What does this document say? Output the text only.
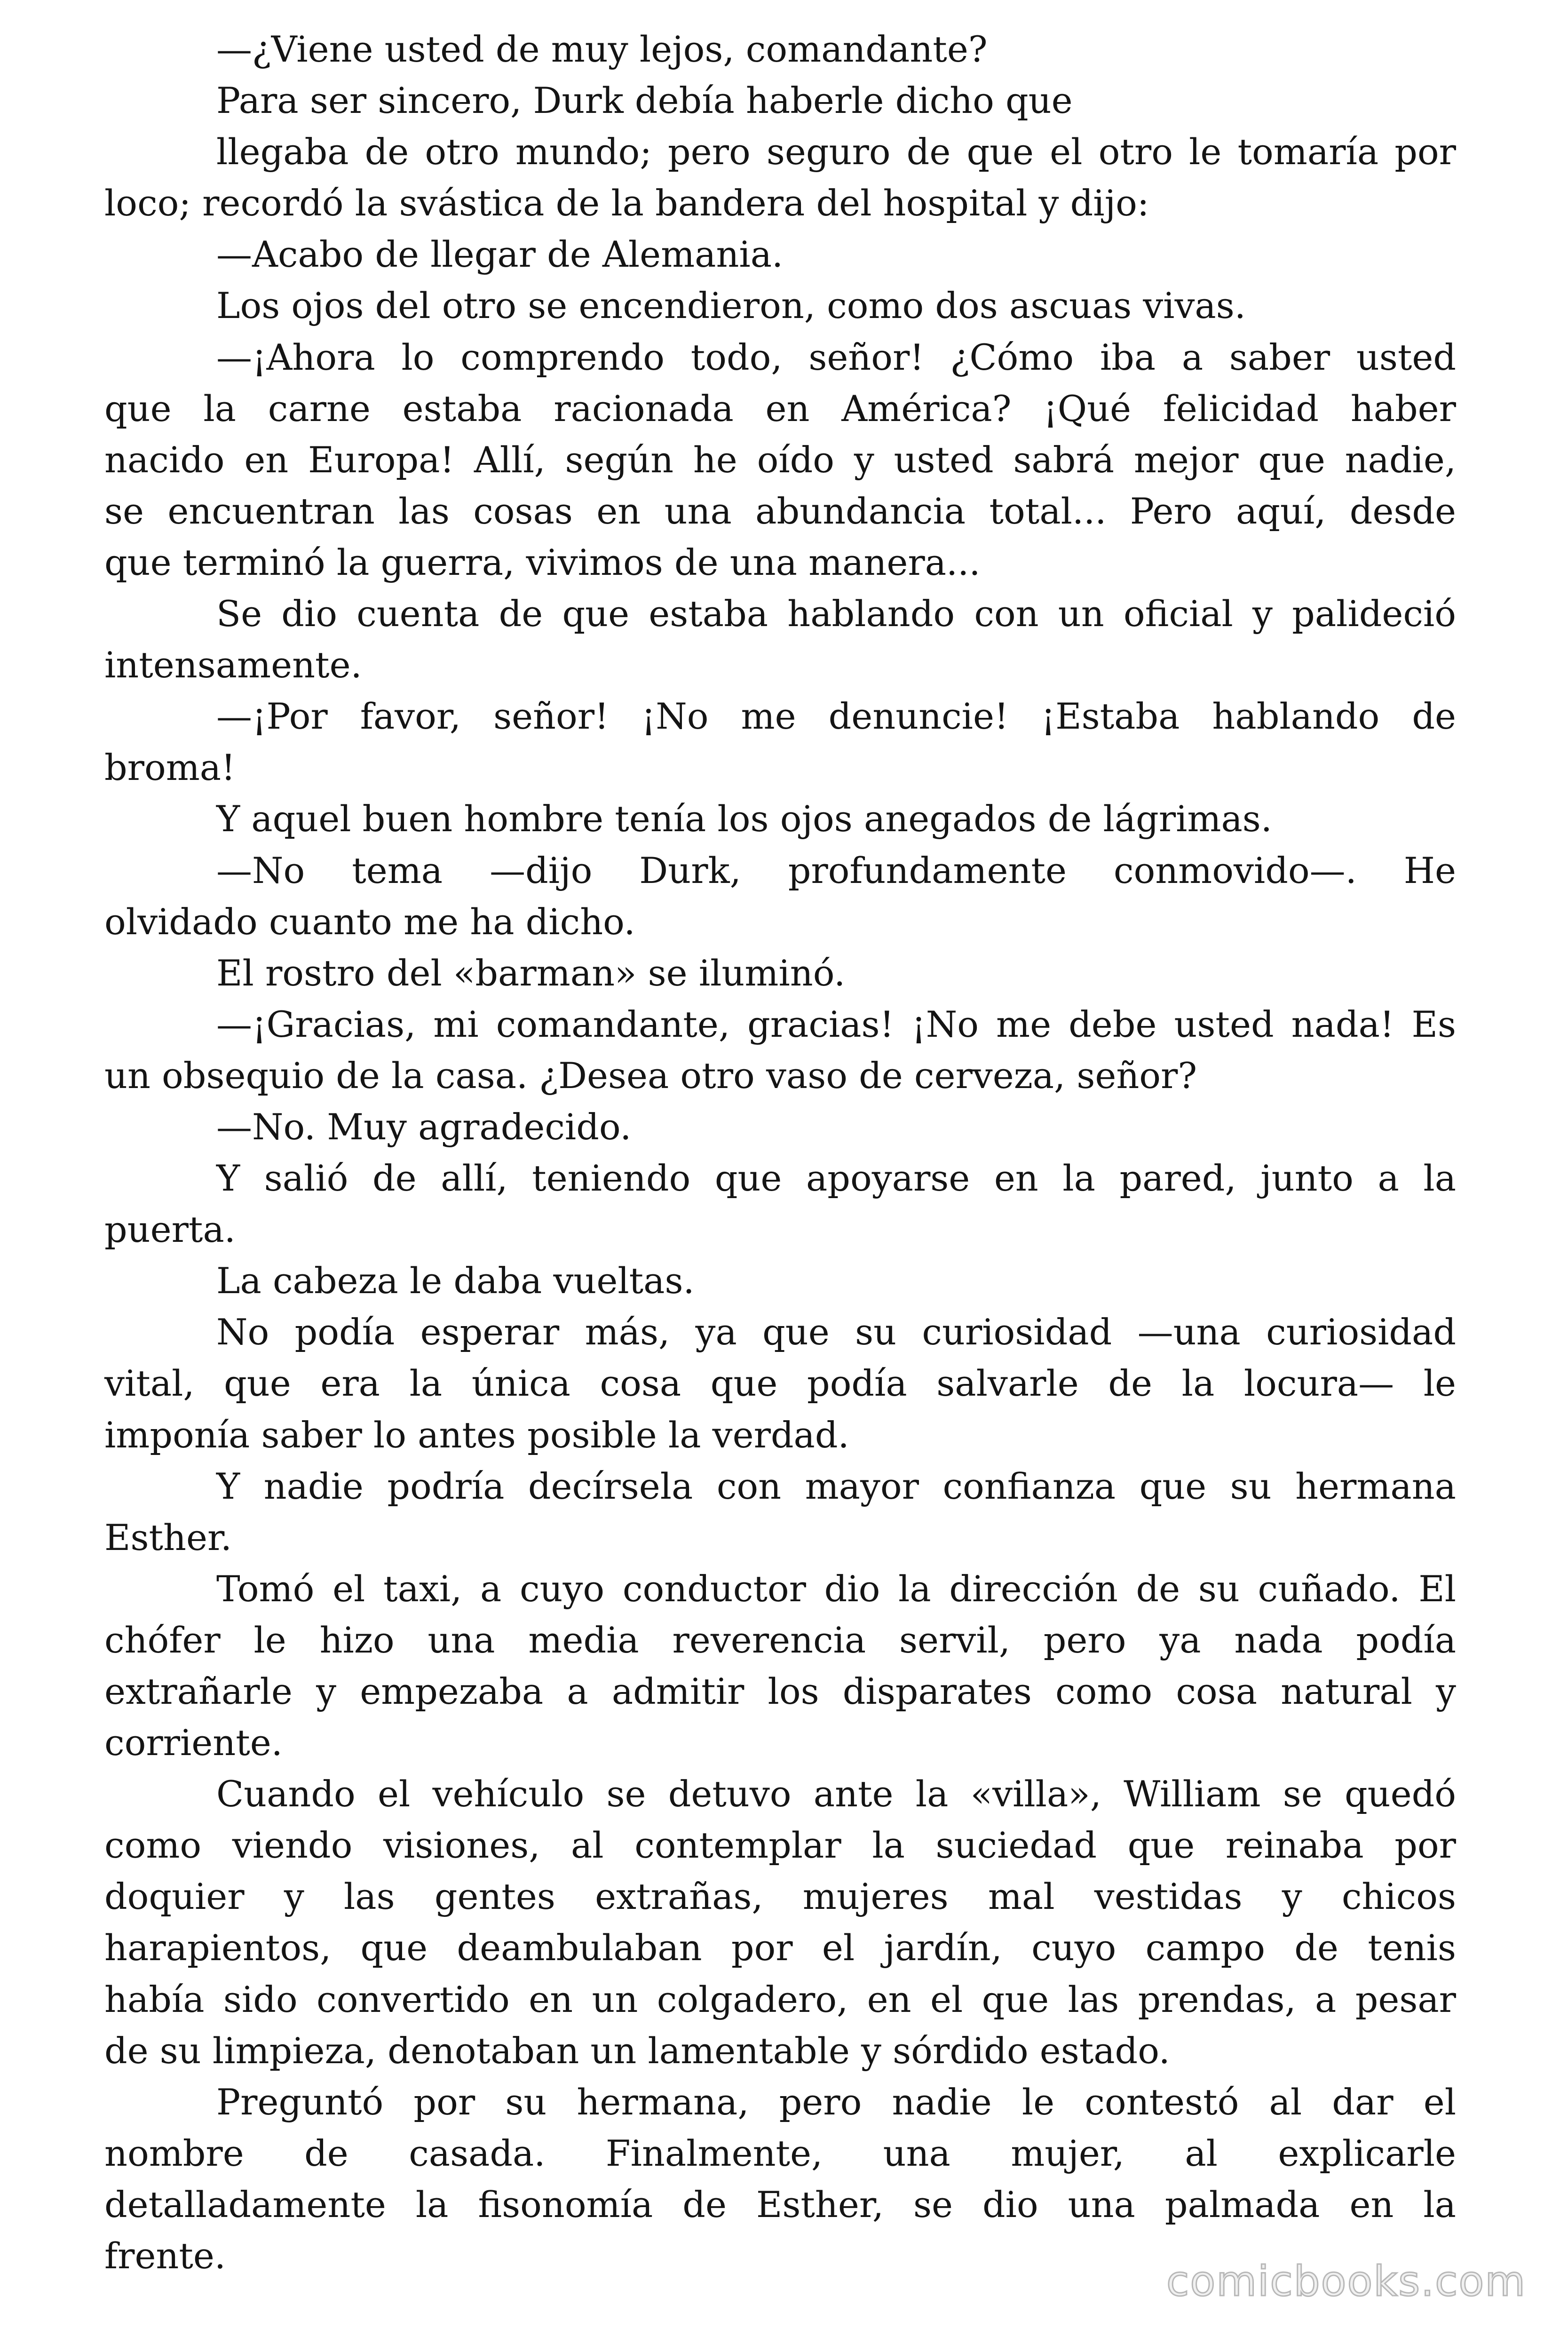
—¿Viene usted de muy lejos, comandante?
Para ser sincero, Durk debía haberle dicho que
llegaba de otro mundo; pero seguro de que el otro le tomaría por
loco; recordó la svástica de la bandera del hospital y dijo:
—Acabo de llegar de Alemania.
Los ojos del otro se encendieron, como dos ascuas vivas.
—¡Ahora lo comprendo todo, señor! ¿Cómo iba a saber usted
que la carne estaba racionada en América? ¡Qué felicidad haber
nacido en Europa! Allí, según he oído y usted sabrá mejor que nadie,
se encuentran las cosas en una abundancia total... Pero aquí, desde
que terminó la guerra, vivimos de una manera...
Se dio cuenta de que estaba hablando con un oficial y palideció
intensamente.
—¡Por favor, señor! ¡No me denuncie! ¡Estaba hablando de
broma!
Y aquel buen hombre tenía los ojos anegados de lágrimas.
—No tema —dijo Durk, profundamente conmovido—. He
olvidado cuanto me ha dicho.
El rostro del «barman» se iluminó.
—¡Gracias, mi comandante, gracias! ¡No me debe usted nada! Es
un obsequio de la casa. ¿Desea otro vaso de cerveza, señor?
—No. Muy agradecido.
Y salió de allí, teniendo que apoyarse en la pared, junto a la
puerta.
La cabeza le daba vueltas.
No podía esperar más, ya que su curiosidad —una curiosidad
vital, que era la única cosa que podía salvarle de la locura— le
imponía saber lo antes posible la verdad.
Y nadie podría decírsela con mayor confianza que su hermana
Esther.
Tomó el taxi, a cuyo conductor dio la dirección de su cuñado. El
chófer le hizo una media reverencia servil, pero ya nada podía
extrañarle y empezaba a admitir los disparates como cosa natural y
corriente.
Cuando el vehículo se detuvo ante la «villa», William se quedó
como viendo visiones, al contemplar la suciedad que reinaba por
doquier y las gentes extrañas, mujeres mal vestidas y chicos
harapientos, que deambulaban por el jardín, cuyo campo de tenis
había sido convertido en un colgadero, en el que las prendas, a pesar
de su limpieza, denotaban un lamentable y sórdido estado.
Preguntó por su hermana, pero nadie le contestó al dar el
nombre de casada. Finalmente, una mujer, al explicarle
detalladamente la fisonomía de Esther, se dio una palmada en la
frente.
comicbooks.com
